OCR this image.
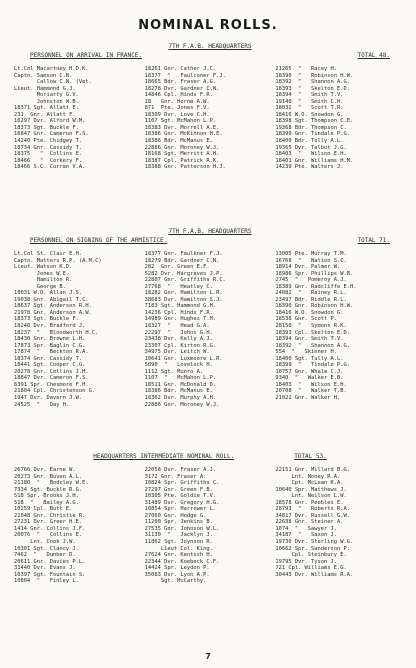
NOMINAL ROLLS.
7TH F.A.B. HEADQUARTERS
PERSONNEL ON ARRIVAL IN FRANCE.	TOTAL 48.
Lt.Col Macartney H.D.K.
Captn. Samson C.N.
Callow C.N. (Vet.
Lieut. Hammond G.J.
Moriarty G.V.
Johnston W.B.
18371 Sgt. Allatt E.
231  Gnr. Allatt F.
16297 Dvr. Alford W.M.
18373 Sgt. Buckle F.
16847 Gnr. Cameron F.S.
14240 Pte. Chidgey T.
18734 Gnr. Cassidy T.
18375   "  Collins E.
18466   "  Corkery F.
18466 S.C. Curran V.A.
18261 Gnr. Cather J.C.
18377  "   Faulconer F.J.
18665 Bdr. Fraser A.G.
18278 Dvr. Gardner C.N.
14846 Cpl. Hinds F.R.
18   Gnr. Horne A.W.
871  Pte. Jones F.V.
18309 Dvr. Love C.H.
1107 Sgt. McMahon L.P.
18383 Dvr. Morrell A.E.
18386 Gnr. McKinnon H.E.
18386 Bdr. McManus E.
22886 Gnr. Moroney W.J.
18168 Sgt. Merritt A.H.
18387 Cpl. Patrick R.K.
18388 Gnr. Patterson H.J.
21265  "   Racey H.
18390  "   Robinson H.W.
18392  "   Shannon A.G.
18393  "   Skelton E.D.
18394  "   Smith T.V.
19140  "   Smith C.H.
18032  "   Scott T.R.
18416 W.O. Snowdon G.
18398 Sgt. Thompson C.E.
19368 Bdr. Thompson C.
18399 Gnr. Tindale P.G.
18400 Bdr. Tully A.L.
19365 Dvr. Talbot J.G.
18403  "   Wilson E.H.
18401 Gnr. Williams H.M.
14239 Pte. Walters J.
7TH F.A.B. HEADQUARTERS
PERSONNEL ON SIGNING OF THE ARMISTICE.	TOTAL 71.
Lt.Col St. Clair E.H.
Captn. Matters R.P. (A.M.C)
Lieut. Watson K.D.
Jones W.E.
Hamilton R.
George B.
18031 W.O. Allan J.S.
19038 Gnr. Abigail T.C.
18637 Sgt. Anderson R.H.
21978 Gnr. Anderson A.W.
18373 Sgt. Buckle F.
18246 Dvr. Bradford J.
18237  "   Bloodworth H.C.
18430 Gnr. Browne L.H.
17873 Spr. Baglin C.G.
17874  "   Beckton R.A.
18374 Gnr. Cassidy T.
18441 Sgt. Cooper C.G.
20278 Gnr. Collins J.H.
18847 Dvr. Cameron F.S.
6391 Spr. Chesmore F.H.
21804 Cpl. Christenson G.
1947 Dvr. Davern J.W.
24525  "   Day H.
18377 Gnr. Faulkner F.J.
18279 Bdr. Gardner C.N.
282  Gnr. Green E.F.
5282 Dvr. Hargraves J.P.
22807 Gnr. Griffiths R.C.
27768  "   Heatley C.
18282 Gnr. Hamilton L.R.
38683 Dvr. Hamilton S.J.
7183 Sgt. Hammond G.H.
14236 Cpl. Hinds F.R.
14989 Gnr. Hughes T.H.
18327  "   Head G.A.
22297  "   Johns G.H.
23438 Dvr. Kelly A.J.
23307 Cpl. Kirton R.G.
34975 Dvr. Leitch W.
10641 Gnr. Luxmoore L.R.
5890  "   Lovelock H.
1112 Sgt. Munro A.
1107  "   McMahon L.P.
18511 Gnr. McDonald D.
18386 Bdr. McManus E.
18362 Dvr. Murphy A.H.
22886 Gnr. Moroney W.J.
13005 Pte. Murray T.M.
16768  "   Nation S.C.
18914 Dvr. Palmer W.
18986 Spr. Phillips W.B.
2745  "   Pomeroy A.J.
18389 Gnr. Radcliffe E.H.
24082  "   Rainey R.L.
23497 Bdr. Riddle R.L.
18390 Gnr. Robinson H.W.
18416 W.O. Snowdon G.
18538 Gnr. Scott P.
28150  "   Symons R.K.
18393 Cpl. Skelton E.D.
18394 Gnr. Smith T.V.
18392  "   Shannon A.G.
554  "   Skinner H.
18400 Sgt. Tully A.L.
18399  "   Tindale P.G.
18757 Gnr. Whale C.J.
9340  "   Walker E.B.
18403  "   Wilson E.H.
20708  "   Walker T.B.
21022 Gnr. Walker H.
HEADQUARTERS INTERMEDIATE NOMINAL ROLL.	TOTAL 53.
26766 Dvr. Earne W.
20273 Gnr. Buven A.L.
21180  "   Bodsley W.E.
7334 Sgt. Buckle R.G.
518 Spr. Brooks J.H.
518  "   Bailey A.G.
10259 Cpl. Butt E.
21048 Gnr. Christie R.
27231 Dvr. Greer H.E.
1414 Gnr. Collins J.F.
20076  "   Collins E.
Lnt. Cook J.W.
10301 Sgt. Clancy J.
7462  "   Dunber D.
20611 Gnr. Davies P.L.
31440 Dvr. Evans J.
10397 Sgt. Fountain S.
10804  "   Finley L.
22058 Dvr. Fraser A.J.
3172 Gnr. Fraser A.
10824 Spr. Griffiths C.
27297 Gnr. Green F.B.
10305 Pte. Goldie T.V.
31489 Dvr. Gregory H.G.
10854 Spr. Harrower L.
27060 Gnr. Hodge G.
11200 Spr. Jenkins B.
27535 Gnr. Johnson W.L.
31130  "   Jacklyn J.
11862 Sgt. Joynson R.
Lieut Col. King.
27624 Gnr. Kentish H.
22344 Dvr. Koebeck C.F.
14424 Spr. Leydon P.
35083 Dvr. Lyon A.P.
Sgt. McCarthy.
22151 Gnr. Millard B.G.
Lnt. Money R.A.
Cpt. McLean K.A.
10640 Spr. Matthews J.
Lnt. Neilson L.W.
18578 Gnr. Peebles E.
28793  "   Roberts R.A.
34817 Dvr. Russell G.W.
22638 Gnr. Steiner A.
1074  "   Sawyer J.
34187  "   Saxon J.
19730 Dvr. Sterling W.G.
10662 Spr. Sanderson P.
Cpl. Steinbury E.
19795 Dvr. Tyson J.
721 Cpl. Williams E.G.
30443 Dvr. Williams R.A.
7
